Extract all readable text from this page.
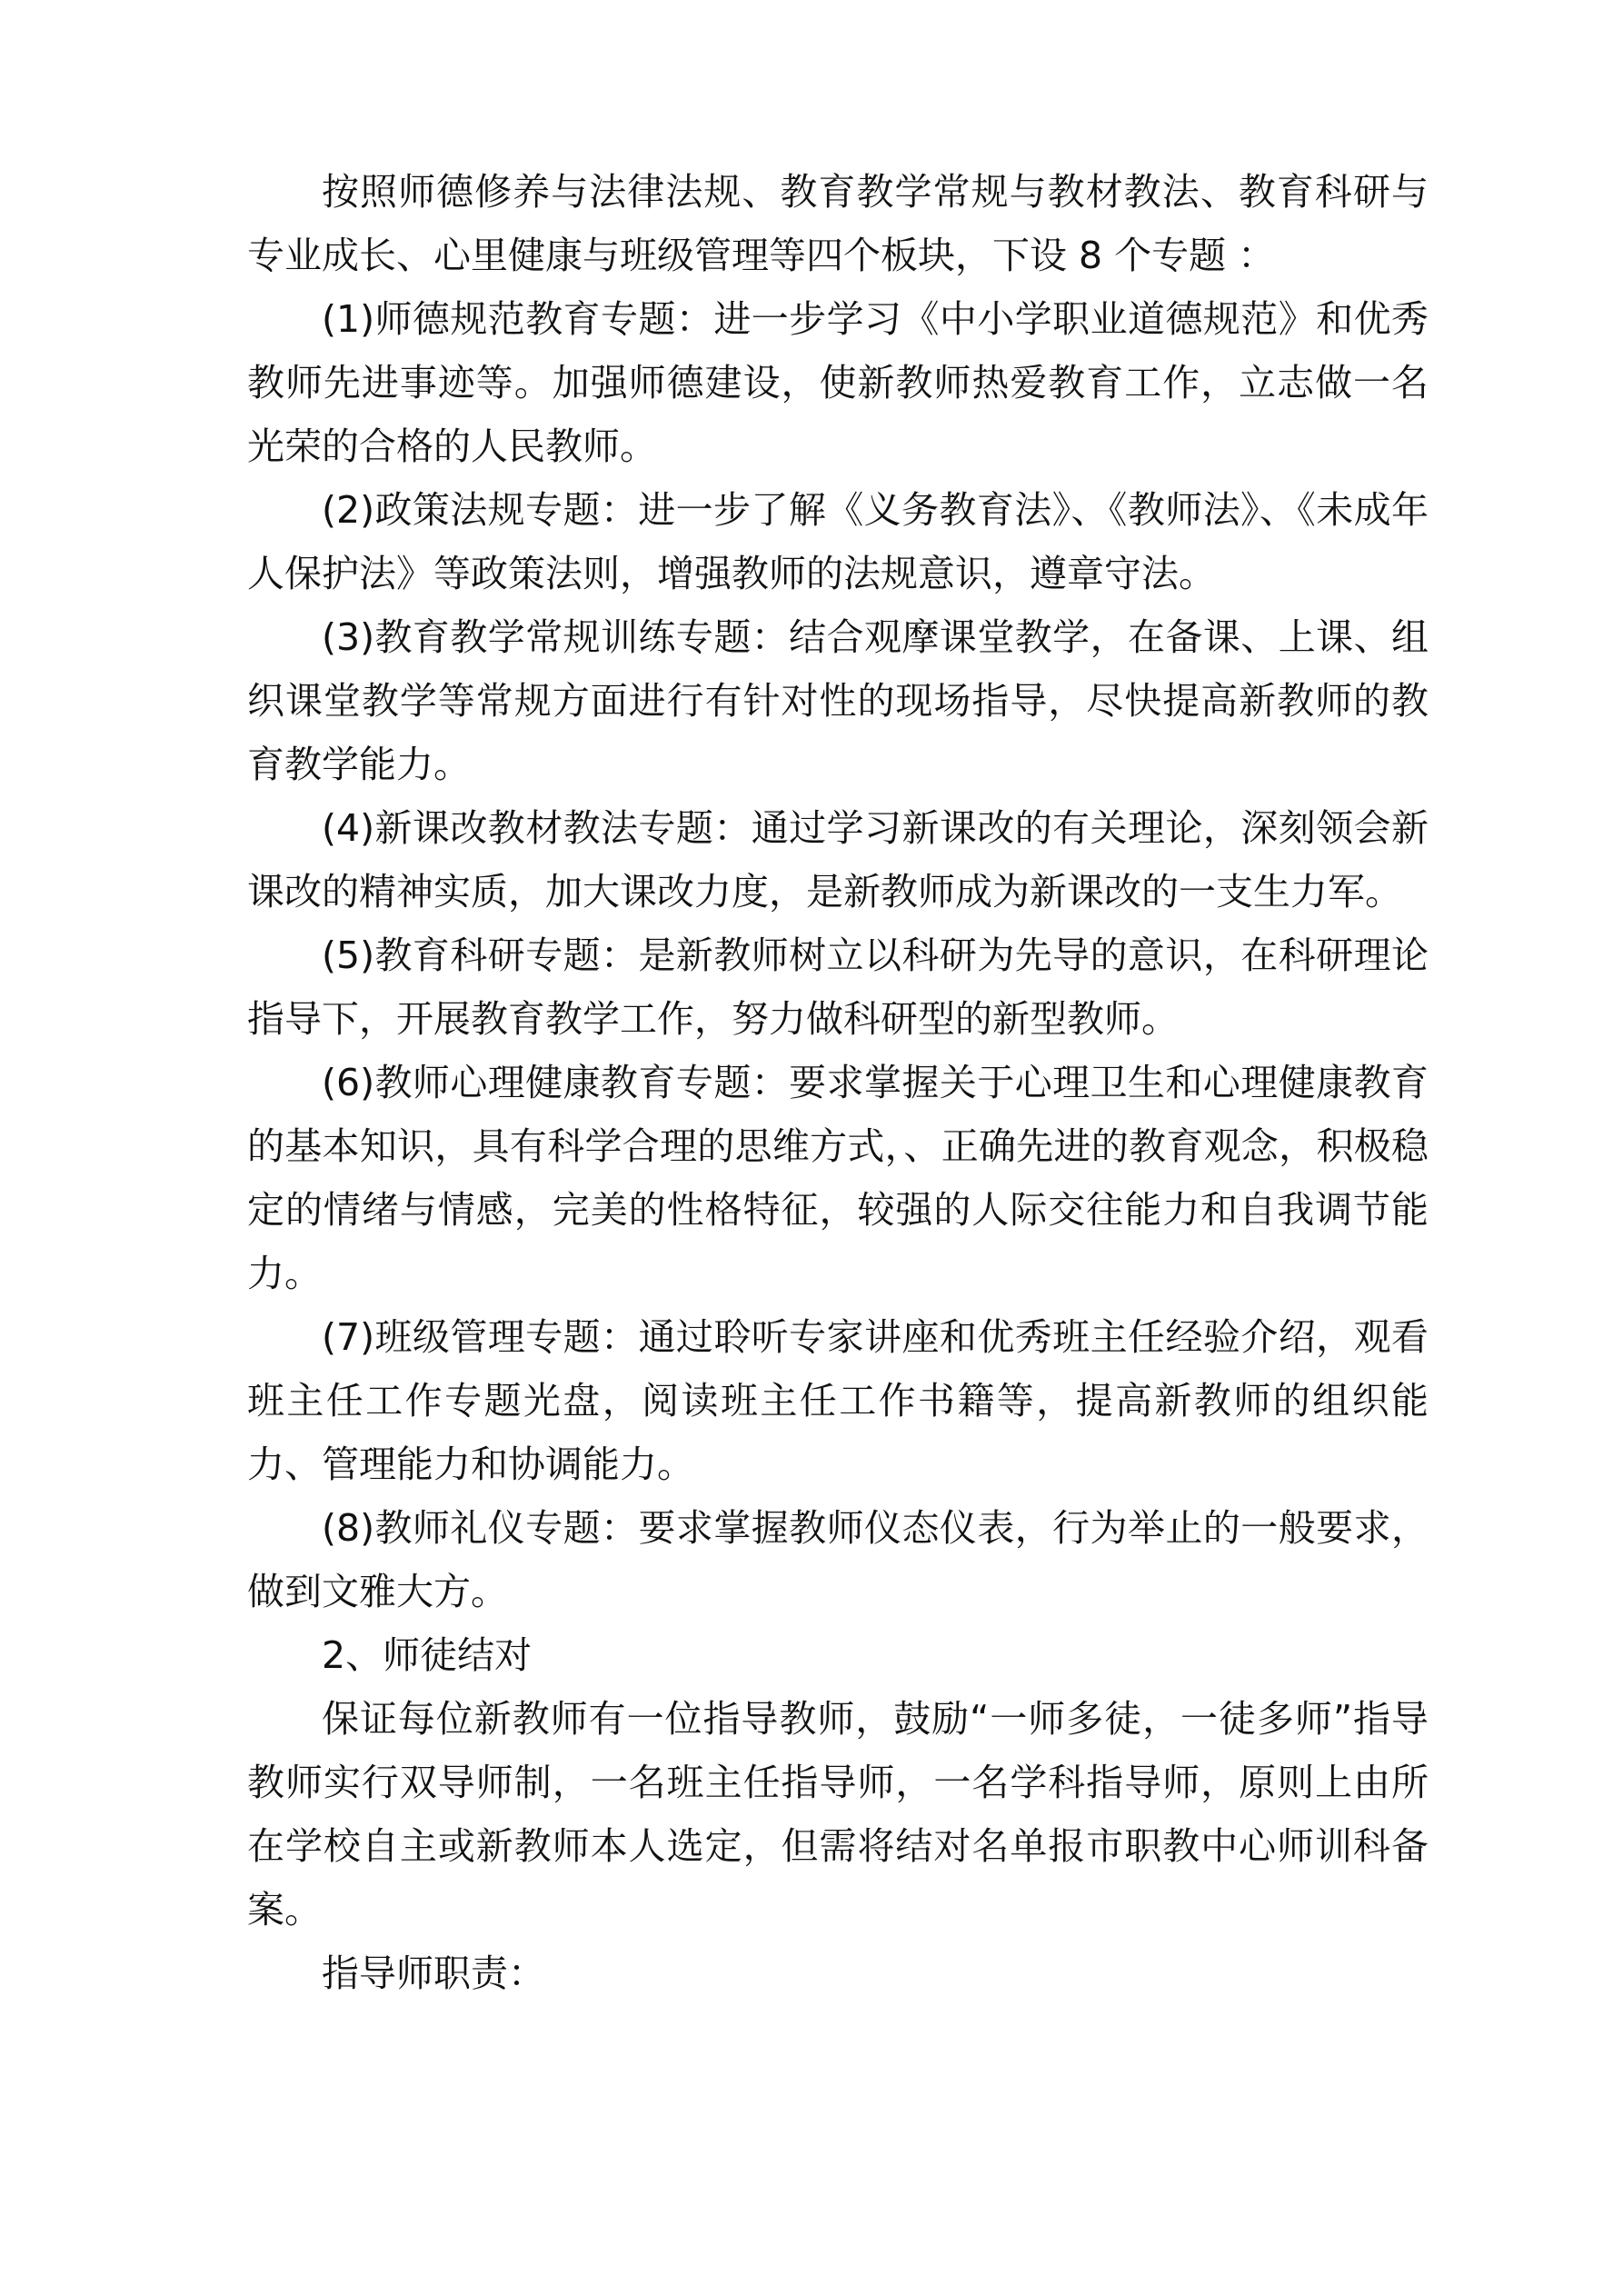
按照师德修养与法律法规、教育教学常规与教材教法、教育科研与专业成长、心里健康与班级管理等四个板块，下设 8 个专题 ：

(1)师德规范教育专题：进一步学习《中小学职业道德规范》和优秀教师先进事迹等。加强师德建设，使新教师热爱教育工作，立志做一名光荣的合格的人民教师。

(2)政策法规专题：进一步了解《义务教育法》、《教师法》、《未成年人保护法》等政策法则，增强教师的法规意识，遵章守法。

(3)教育教学常规训练专题：结合观摩课堂教学，在备课、上课、组织课堂教学等常规方面进行有针对性的现场指导，尽快提高新教师的教育教学能力。

(4)新课改教材教法专题：通过学习新课改的有关理论，深刻领会新课改的精神实质，加大课改力度，是新教师成为新课改的一支生力军。

(5)教育科研专题：是新教师树立以科研为先导的意识，在科研理论指导下，开展教育教学工作，努力做科研型的新型教师。

(6)教师心理健康教育专题：要求掌握关于心理卫生和心理健康教育的基本知识，具有科学合理的思维方式，、正确先进的教育观念，积极稳定的情绪与情感，完美的性格特征，较强的人际交往能力和自我调节能力。

(7)班级管理专题：通过聆听专家讲座和优秀班主任经验介绍，观看班主任工作专题光盘，阅读班主任工作书籍等，提高新教师的组织能力、管理能力和协调能力。

(8)教师礼仪专题：要求掌握教师仪态仪表，行为举止的一般要求，做到文雅大方。

2、师徒结对

保证每位新教师有一位指导教师，鼓励“一师多徒，一徒多师”指导教师实行双导师制，一名班主任指导师，一名学科指导师，原则上由所在学校自主或新教师本人选定，但需将结对名单报市职教中心师训科备案。

指导师职责：
